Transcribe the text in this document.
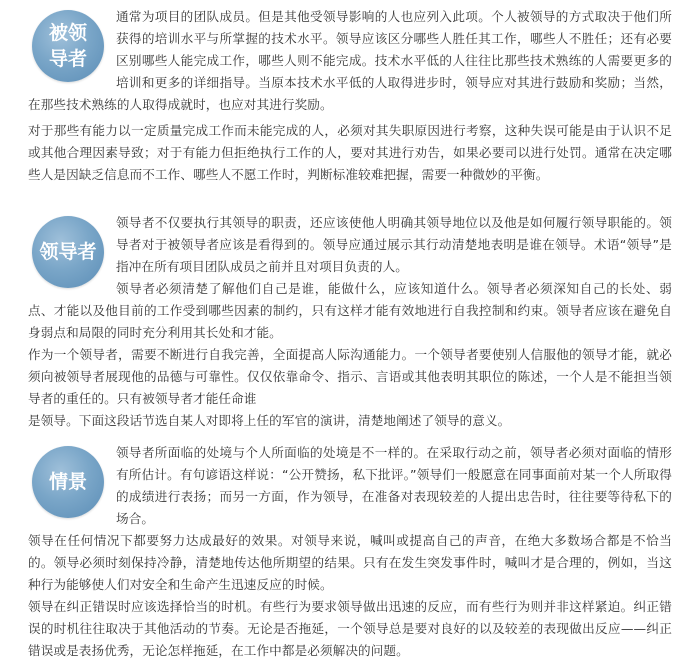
被领
导者

通常为项目的团队成员。但是其他受领导影响的人也应列入此项。个人被领导的方式取决于他们所获得的培训水平与所掌握的技术水平。领导应该区分哪些人胜任其工作，哪些人不胜任；还有必要区别哪些人能完成工作，哪些人则不能完成。技术水平低的人往往比那些技术熟练的人需要更多的培训和更多的详细指导。当原本技术水平低的人取得进步时，领导应对其进行鼓励和奖励；当然，在那些技术熟练的人取得成就时，也应对其进行奖励。

对于那些有能力以一定质量完成工作而未能完成的人，必须对其失职原因进行考察，这种失误可能是由于认识不足或其他合理因素导致；对于有能力但拒绝执行工作的人，要对其进行劝告，如果必要司以进行处罚。通常在决定哪些人是因缺乏信息而不工作、哪些人不愿工作时，判断标准较难把握，需要一种微妙的平衡。

领导者

领导者不仅要执行其领导的职责，还应该使他人明确其领导地位以及他是如何履行领导职能的。领导者对于被领导者应该是看得到的。领导应通过展示其行动清楚地表明是谁在领导。术语“领导”是指冲在所有项目团队成员之前并且对项目负责的人。

领导者必须清楚了解他们自己是谁，能做什么，应该知道什么。领导者必须深知自己的长处、弱点、才能以及他目前的工作受到哪些因素的制约，只有这样才能有效地进行自我控制和约束。领导者应该在避免自身弱点和局限的同时充分利用其长处和才能。

作为一个领导者，需要不断进行自我完善，全面提高人际沟通能力。一个领导者要使别人信服他的领导才能，就必须向被领导者展现他的品德与可靠性。仅仅依靠命令、指示、言语或其他表明其职位的陈述，一个人是不能担当领导者的重任的。只有被领导者才能任命谁

是领导。下面这段话节选自某人对即将上任的军官的演讲，清楚地阐述了领导的意义。

情景

领导者所面临的处境与个人所面临的处境是不一样的。在采取行动之前，领导者必须对面临的情形有所估计。有句谚语这样说：“公开赞扬，私下批评。”领导们一般愿意在同事面前对某一个人所取得的成绩进行表扬；而另一方面，作为领导，在准备对表现较差的人提出忠告时，往往要等待私下的场合。

领导在任何情况下都要努力达成最好的效果。对领导来说，喊叫或提高自己的声音，在绝大多数场合都是不恰当的。领导必须时刻保持冷静，清楚地传达他所期望的结果。只有在发生突发事件时，喊叫才是合理的，例如，当这种行为能够使人们对安全和生命产生迅速反应的时候。

领导在纠正错误时应该选择恰当的时机。有些行为要求领导做出迅速的反应，而有些行为则并非这样紧迫。纠正错误的时机往往取决于其他活动的节奏。无论是否拖延，一个领导总是要对良好的以及较差的表现做出反应——纠正错误或是表扬优秀，无论怎样拖延，在工作中都是必须解决的问题。
